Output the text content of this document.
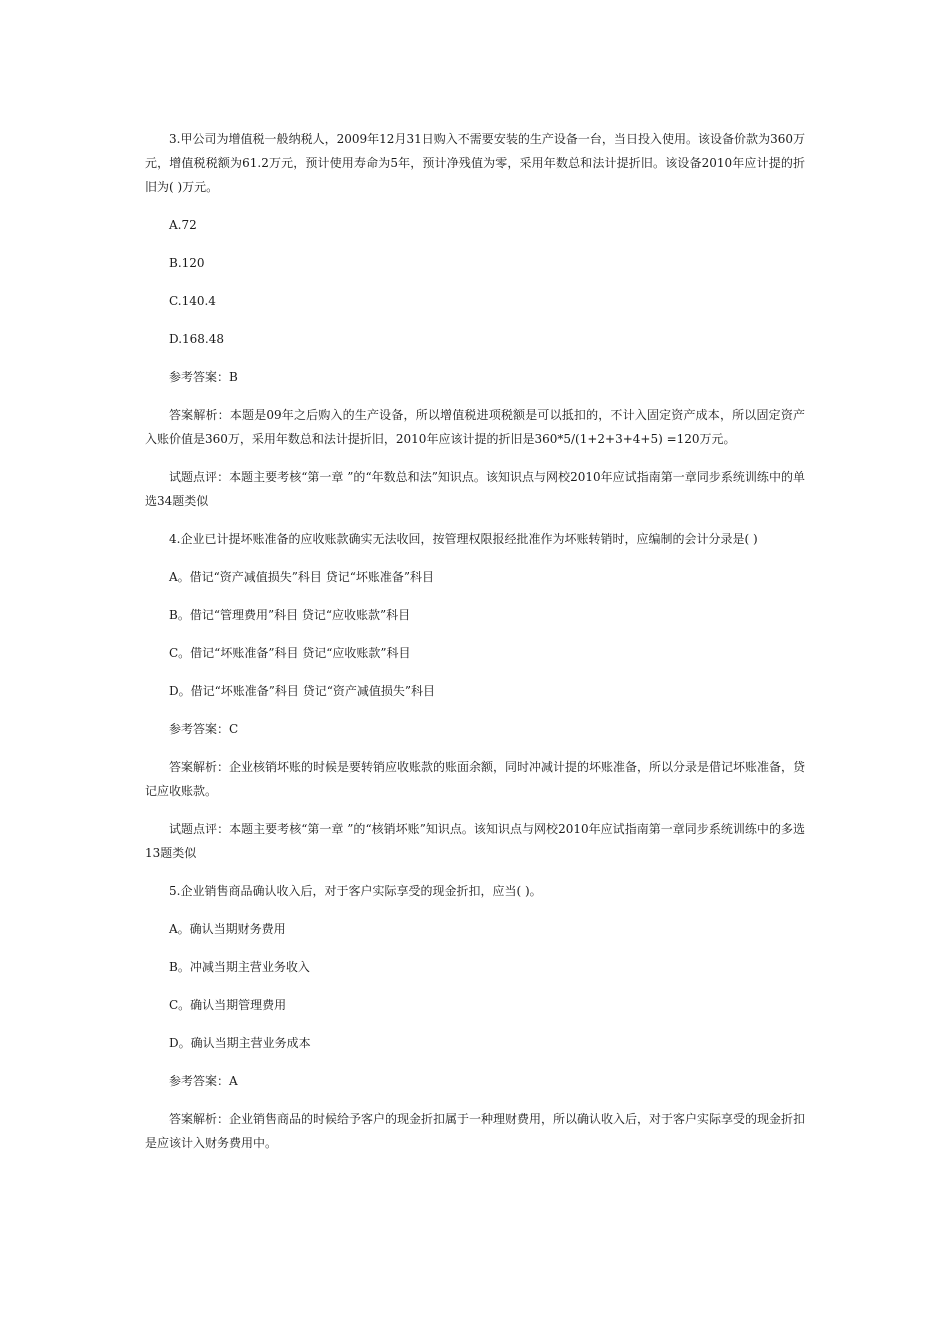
3.甲公司为增值税一般纳税人，2009年12月31日购入不需要安装的生产设备一台，当日投入使用。该设备价款为360万元，增值税税额为61.2万元，预计使用寿命为5年，预计净残值为零，采用年数总和法计提折旧。该设备2010年应计提的折旧为( )万元。

A.72

B.120

C.140.4

D.168.48

参考答案：B

答案解析：本题是09年之后购入的生产设备，所以增值税进项税额是可以抵扣的，不计入固定资产成本，所以固定资产入账价值是360万，采用年数总和法计提折旧，2010年应该计提的折旧是360*5/(1+2+3+4+5) =120万元。

试题点评：本题主要考核“第一章 ”的“年数总和法”知识点。该知识点与网校2010年应试指南第一章同步系统训练中的单选34题类似

4.企业已计提坏账准备的应收账款确实无法收回，按管理权限报经批准作为坏账转销时，应编制的会计分录是( )

A。借记“资产减值损失”科目 贷记“坏账准备”科目

B。借记“管理费用”科目 贷记“应收账款”科目

C。借记“坏账准备”科目 贷记“应收账款”科目

D。借记“坏账准备”科目 贷记“资产减值损失”科目

参考答案：C

答案解析：企业核销坏账的时候是要转销应收账款的账面余额，同时冲减计提的坏账准备，所以分录是借记坏账准备，贷记应收账款。

试题点评：本题主要考核“第一章 ”的“核销坏账”知识点。该知识点与网校2010年应试指南第一章同步系统训练中的多选13题类似

5.企业销售商品确认收入后，对于客户实际享受的现金折扣，应当( )。

A。确认当期财务费用

B。冲减当期主营业务收入

C。确认当期管理费用

D。确认当期主营业务成本

参考答案：A

答案解析：企业销售商品的时候给予客户的现金折扣属于一种理财费用，所以确认收入后，对于客户实际享受的现金折扣是应该计入财务费用中。
